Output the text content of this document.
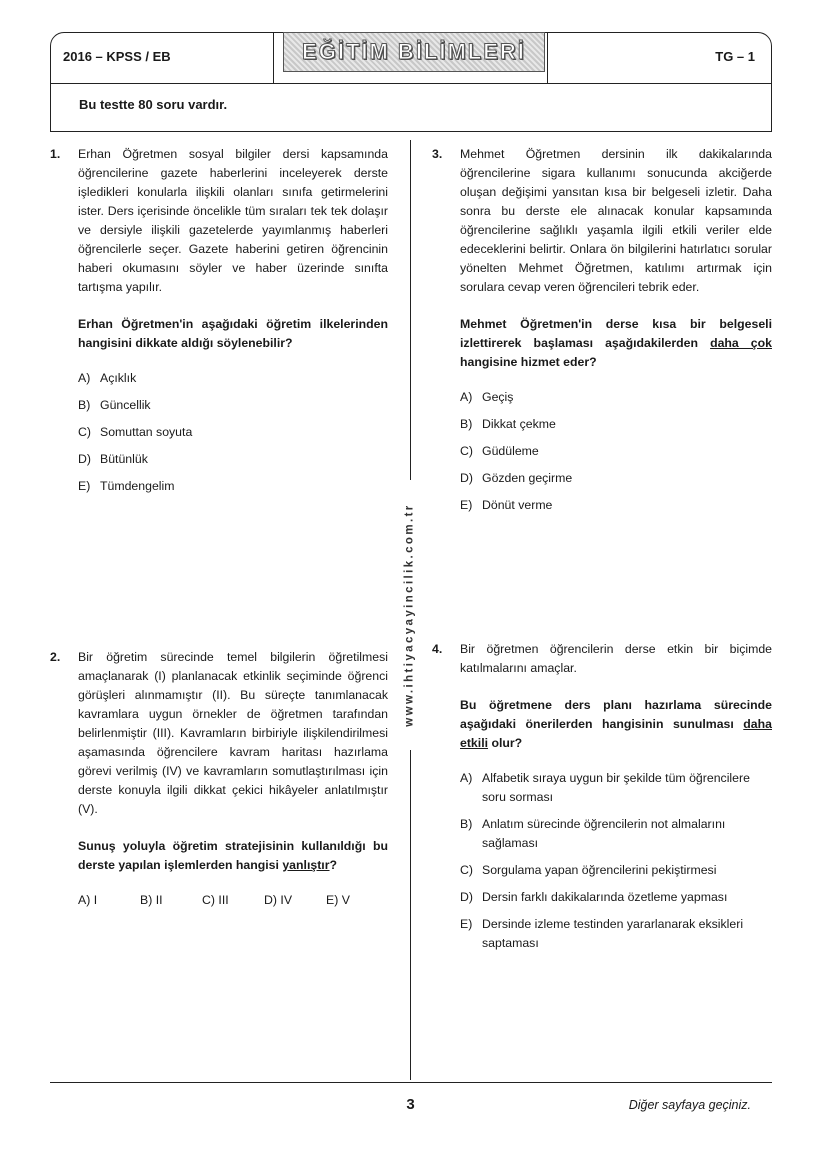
2016 – KPSS / EB	EĞİTİM BİLİMLERİ	TG – 1
Bu testte 80 soru vardır.
www.ihtiyacyayincilik.com.tr
1. Erhan Öğretmen sosyal bilgiler dersi kapsamında öğrencilerine gazete haberlerini inceleyerek derste işledikleri konularla ilişkili olanları sınıfa getirmelerini ister. Ders içerisinde öncelikle tüm sıraları tek tek dolaşır ve dersiyle ilişkili gazetelerde yayımlanmış haberleri öğrencilerle seçer. Gazete haberini getiren öğrencinin haberi okumasını söyler ve haber üzerinde sınıfta tartışma yapılır.

Erhan Öğretmen'in aşağıdaki öğretim ilkelerinden hangisini dikkate aldığı söylenebilir?
A) Açıklık
B) Güncellik
C) Somuttan soyuta
D) Bütünlük
E) Tümdengelim
2. Bir öğretim sürecinde temel bilgilerin öğretilmesi amaçlanarak (I) planlanacak etkinlik seçiminde öğrenci görüşleri alınmamıştır (II). Bu süreçte tanımlanacak kavramlara uygun örnekler de öğretmen tarafından belirlenmiştir (III). Kavramların birbiriyle ilişkilendirilmesi aşamasında öğrencilere kavram haritası hazırlama görevi verilmiş (IV) ve kavramların somutlaştırılması için derste konuyla ilgili dikkat çekici hikâyeler anlatılmıştır (V).

Sunuş yoluyla öğretim stratejisinin kullanıldığı bu derste yapılan işlemlerden hangisi yanlıştır?
A) I	B) II	C) III	D) IV	E) V
3. Mehmet Öğretmen dersinin ilk dakikalarında öğrencilerine sigara kullanımı sonucunda akciğerde oluşan değişimi yansıtan kısa bir belgeseli izletir. Daha sonra bu derste ele alınacak konular kapsamında öğrencilerine sağlıklı yaşamla ilgili etkili veriler elde edeceklerini belirtir. Onlara ön bilgilerini hatırlatıcı sorular yönelten Mehmet Öğretmen, katılımı artırmak için sorulara cevap veren öğrencileri tebrik eder.

Mehmet Öğretmen'in derse kısa bir belgeseli izlettirerek başlaması aşağıdakilerden daha çok hangisine hizmet eder?
A) Geçiş
B) Dikkat çekme
C) Güdüleme
D) Gözden geçirme
E) Dönüt verme
4. Bir öğretmen öğrencilerin derse etkin bir biçimde katılmalarını amaçlar.

Bu öğretmene ders planı hazırlama sürecinde aşağıdaki önerilerden hangisinin sunulması daha etkili olur?
A) Alfabetik sıraya uygun bir şekilde tüm öğrencilere soru sorması
B) Anlatım sürecinde öğrencilerin not almalarını sağlaması
C) Sorgulama yapan öğrencilerini pekiştirmesi
D) Dersin farklı dakikalarında özetleme yapması
E) Dersinde izleme testinden yararlanarak eksikleri saptaması
3	Diğer sayfaya geçiniz.
